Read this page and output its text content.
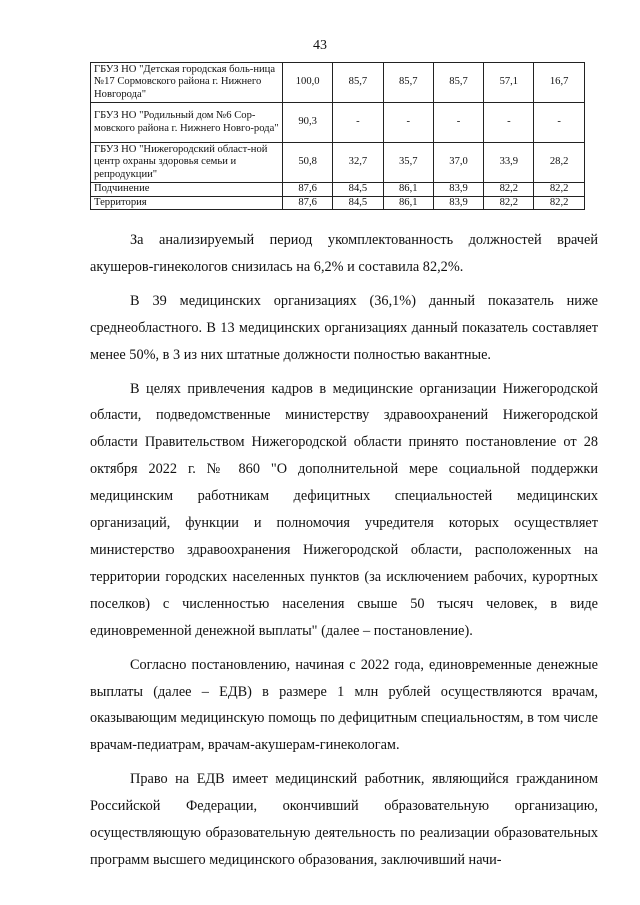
43
ГБУЗ НО "Детская городская боль-ница №17 Сормовского района г. Нижнего Новгорода"	100,0	85,7	85,7	85,7	57,1	16,7
ГБУЗ НО "Родильный дом №6 Сор-мовского района г. Нижнего Новго-рода"	90,3	-	-	-	-	-
ГБУЗ НО "Нижегородский област-ной центр охраны здоровья семьи и репродукции"	50,8	32,7	35,7	37,0	33,9	28,2
Подчинение	87,6	84,5	86,1	83,9	82,2	82,2
Территория	87,6	84,5	86,1	83,9	82,2	82,2

За анализируемый период укомплектованность должностей врачей акушеров-гинекологов снизилась на 6,2% и составила 82,2%.

В 39 медицинских организациях (36,1%) данный показатель ниже среднеобластного. В 13 медицинских организациях данный показатель составляет менее 50%, в 3 из них штатные должности полностью вакантные.

В целях привлечения кадров в медицинские организации Нижегородской области, подведомственные министерству здравоохранений Нижегородской области Правительством Нижегородской области принято постановление от 28 октября 2022 г. № 860 "О дополнительной мере социальной поддержки медицинским работникам дефицитных специальностей медицинских организаций, функции и полномочия учредителя которых осуществляет министерство здравоохранения Нижегородской области, расположенных на территории городских населенных пунктов (за исключением рабочих, курортных поселков) с численностью населения свыше 50 тысяч человек, в виде единовременной денежной выплаты" (далее – постановление).

Согласно постановлению, начиная с 2022 года, единовременные денежные выплаты (далее – ЕДВ) в размере 1 млн рублей осуществляются врачам, оказывающим медицинскую помощь по дефицитным специальностям, в том числе врачам-педиатрам, врачам-акушерам-гинекологам.

Право на ЕДВ имеет медицинский работник, являющийся гражданином Российской Федерации, окончивший образовательную организацию, осуществляющую образовательную деятельность по реализации образовательных программ высшего медицинского образования, заключивший начи-
